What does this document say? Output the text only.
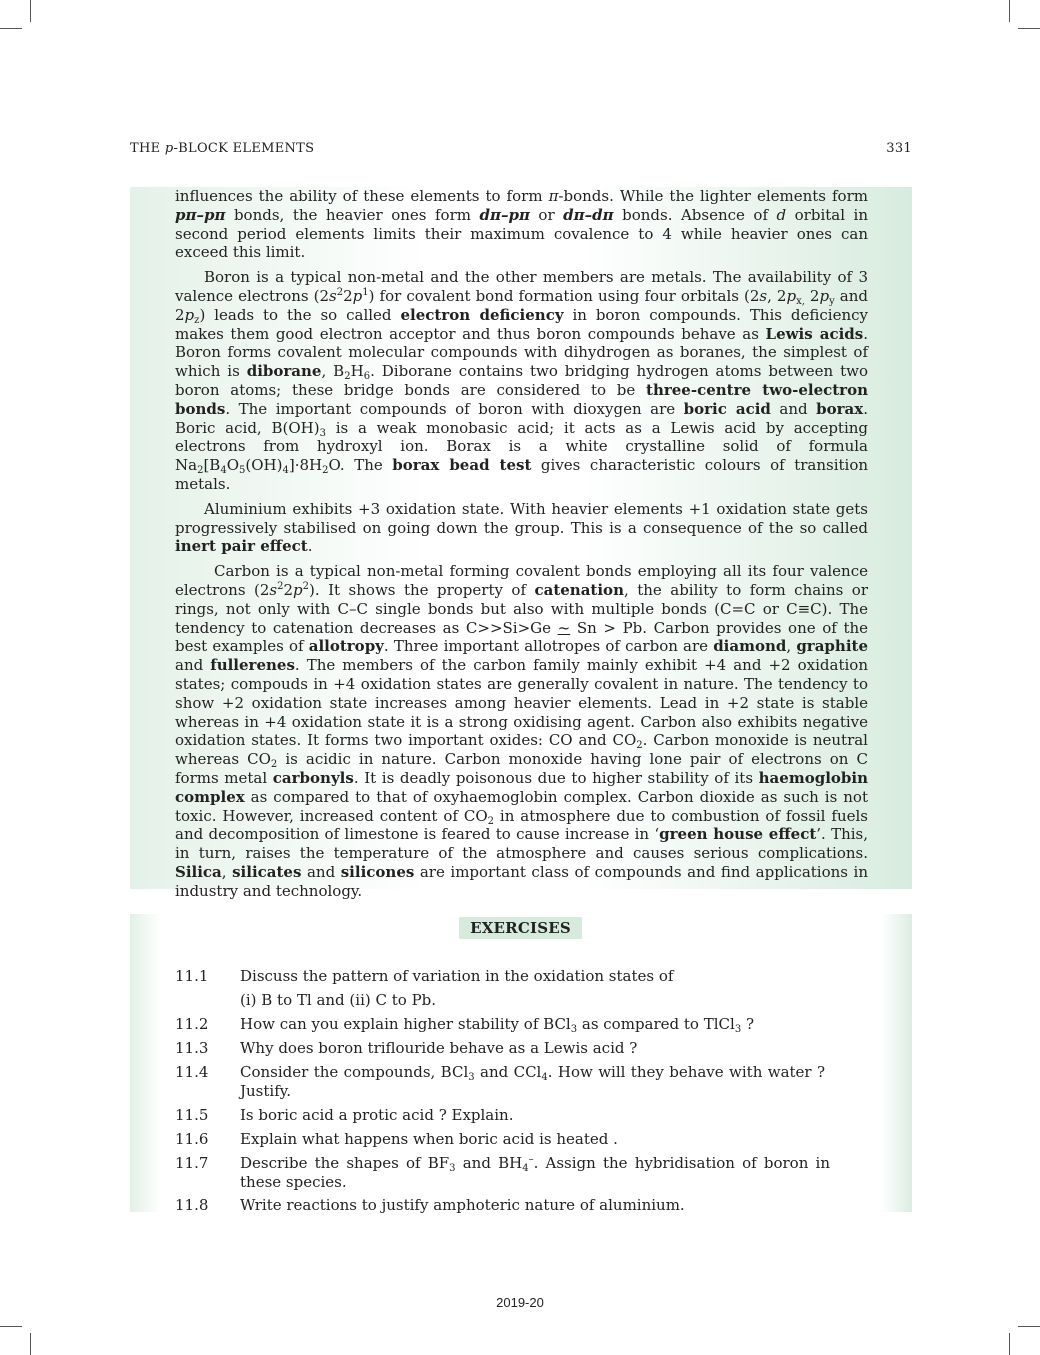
THE p-BLOCK ELEMENTS	331

influences the ability of these elements to form π-bonds. While the lighter elements form pπ–pπ bonds, the heavier ones form dπ–pπ or dπ–dπ bonds. Absence of d orbital in second period elements limits their maximum covalence to 4 while heavier ones can exceed this limit.

Boron is a typical non-metal and the other members are metals. The availability of 3 valence electrons $(2s^22p^1)$ for covalent bond formation using four orbitals (2s, $2p_{x,}$ $2p_y$ and $2p_z$) leads to the so called electron deficiency in boron compounds. This deficiency makes them good electron acceptor and thus boron compounds behave as Lewis acids. Boron forms covalent molecular compounds with dihydrogen as boranes, the simplest of which is diborane, $B_2H_6$. Diborane contains two bridging hydrogen atoms between two boron atoms; these bridge bonds are considered to be three-centre two-electron bonds. The important compounds of boron with dioxygen are boric acid and borax. Boric acid, $B(OH)_3$ is a weak monobasic acid; it acts as a Lewis acid by accepting electrons from hydroxyl ion. Borax is a white crystalline solid of formula $Na_2[B_4O_5(OH)_4]\cdot 8H_2O$. The borax bead test gives characteristic colours of transition metals.

Aluminium exhibits +3 oxidation state. With heavier elements +1 oxidation state gets progressively stabilised on going down the group. This is a consequence of the so called inert pair effect.

Carbon is a typical non-metal forming covalent bonds employing all its four valence electrons $(2s^22p^2)$. It shows the property of catenation, the ability to form chains or rings, not only with C–C single bonds but also with multiple bonds (C=C or C≡C). The tendency to catenation decreases as C>>Si>Ge ~ Sn > Pb. Carbon provides one of the best examples of allotropy. Three important allotropes of carbon are diamond, graphite and fullerenes. The members of the carbon family mainly exhibit +4 and +2 oxidation states; compouds in +4 oxidation states are generally covalent in nature. The tendency to show +2 oxidation state increases among heavier elements. Lead in +2 state is stable whereas in +4 oxidation state it is a strong oxidising agent. Carbon also exhibits negative oxidation states. It forms two important oxides: CO and $CO_2$. Carbon monoxide is neutral whereas $CO_2$ is acidic in nature. Carbon monoxide having lone pair of electrons on C forms metal carbonyls. It is deadly poisonous due to higher stability of its haemoglobin complex as compared to that of oxyhaemoglobin complex. Carbon dioxide as such is not toxic. However, increased content of $CO_2$ in atmosphere due to combustion of fossil fuels and decomposition of limestone is feared to cause increase in ‘green house effect’. This, in turn, raises the temperature of the atmosphere and causes serious complications. Silica, silicates and silicones are important class of compounds and find applications in industry and technology.

EXERCISES
11.1	Discuss the pattern of variation in the oxidation states of
(i) B to Tl and (ii) C to Pb.
11.2	How can you explain higher stability of BCl$_3$ as compared to TlCl$_3$ ?
11.3	Why does boron triflouride behave as a Lewis acid ?
11.4	Consider the compounds, BCl$_3$ and CCl$_4$. How will they behave with water ? Justify.
11.5	Is boric acid a protic acid ? Explain.
11.6	Explain what happens when boric acid is heated .
11.7	Describe the shapes of $BF_3$ and $BH_4^-$. Assign the hybridisation of boron in these species.
11.8	Write reactions to justify amphoteric nature of aluminium.
2019-20
